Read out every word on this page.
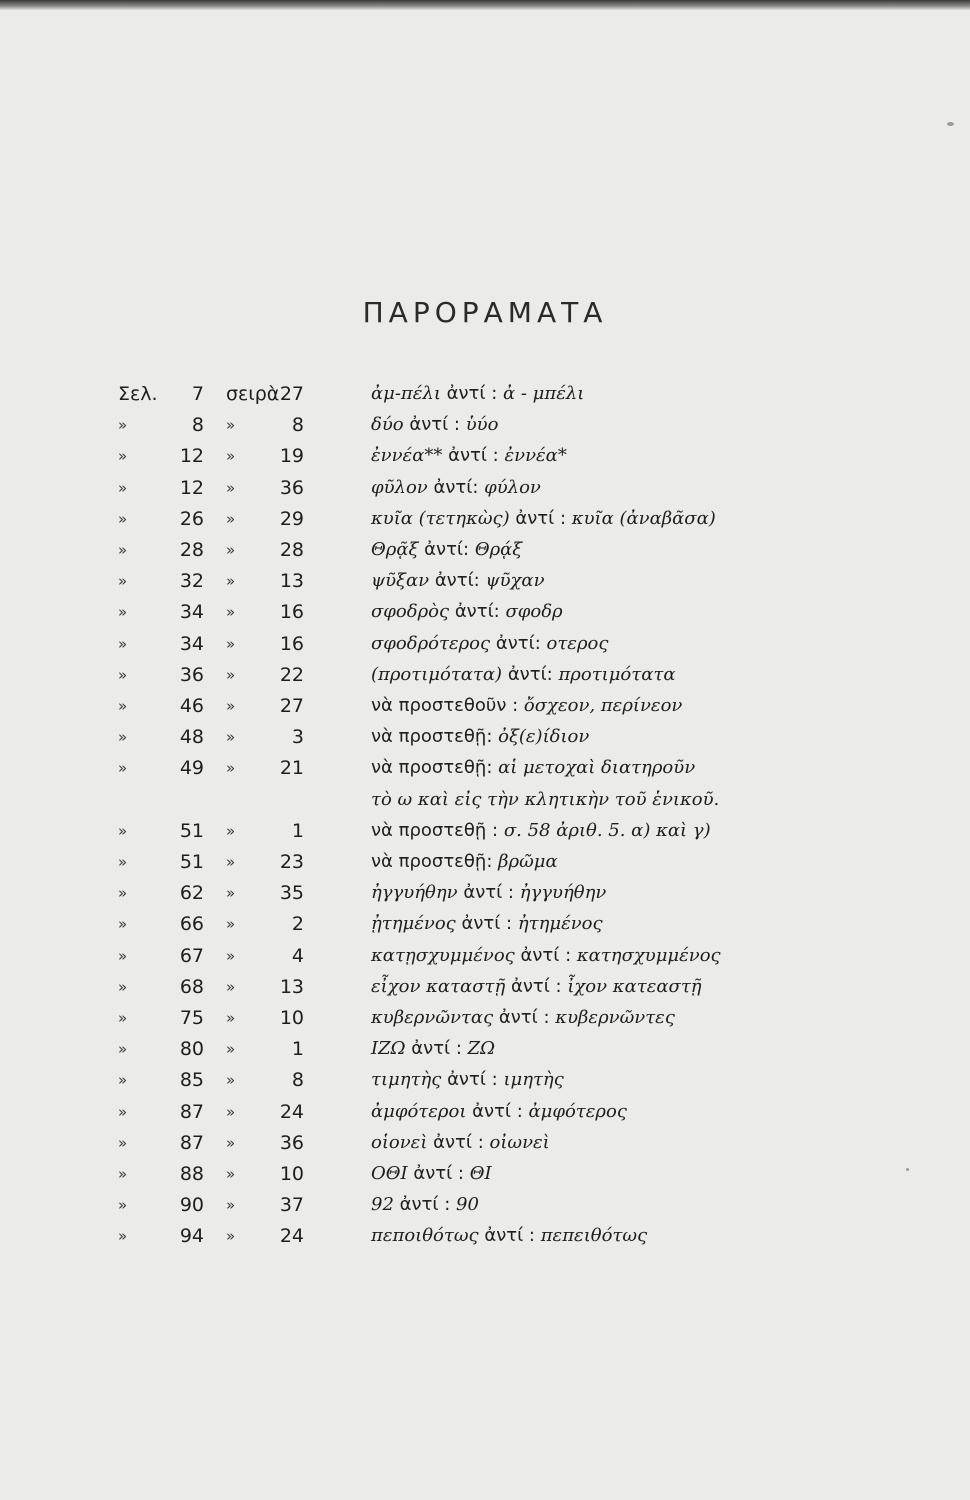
ΠΑΡΟΡΑΜΑΤΑ
Σελ.	7 σειρὰ 27	ἀμ-πέλι ἀντί : ἀ - μπέλι
»	8 »	8	δύο ἀντί : ὑύο
»	12 »	19	ἐννέα** ἀντί : ἐννέα*
»	12 »	36	φῦλον ἀντί: φύλον
»	26 »	29	κυῖα (τετηκὼς) ἀντί : κυῖα (ἀναβᾶσα)
»	28 »	28	Θρᾷξ ἀντί: Θρᾴξ
»	32 »	13	ψῦξαν ἀντί: ψῦχαν
»	34 »	16	σφοδρὸς ἀντί: σφοδρ
»	34 »	16	σφοδρότερος ἀντί: οτερος
»	36 »	22	(προτιμότατα) ἀντί: προτιμότατα
»	46 »	27	νὰ προστεθοῦν : ὄσχεον, περίνεον
»	48 »	3	νὰ προστεθῇ: ὀξ(ε)ίδιον
»	49 »	21	νὰ προστεθῇ: αἱ μετοχαὶ διατηροῦν
τὸ ω καὶ εἰς τὴν κλητικὴν τοῦ ἑνικοῦ.
»	51 »	1	νὰ προστεθῇ : σ. 58 ἀριθ. 5. α) καὶ γ)
»	51 »	23	νὰ προστεθῇ: βρῶμα
»	62 »	35	ἠγγυήθην ἀντί : ἠγγυήθην
»	66 »	2	ᾐτημένος ἀντί : ἠτημένος
»	67 »	4	κατῃσχυμμένος ἀντί : κατησχυμμένος
»	68 »	13	εἶχον καταστῇ ἀντί : ἶχον κατεαστῇ
»	75 »	10	κυβερνῶντας ἀντί : κυβερνῶντες
»	80 »	1	ΙΖΩ ἀντί : ΖΩ
»	85 »	8	τιμητὴς ἀντί : ιμητὴς
»	87 »	24	ἀμφότεροι ἀντί : ἀμφότερος
»	87 »	36	οἱονεὶ ἀντί : οἰωνεὶ
»	88 »	10	ΟΘΙ ἀντί : ΘΙ
»	90 »	37	92 ἀντί : 90
»	94 »	24	πεποιθότως ἀντί : πεπειθότως
